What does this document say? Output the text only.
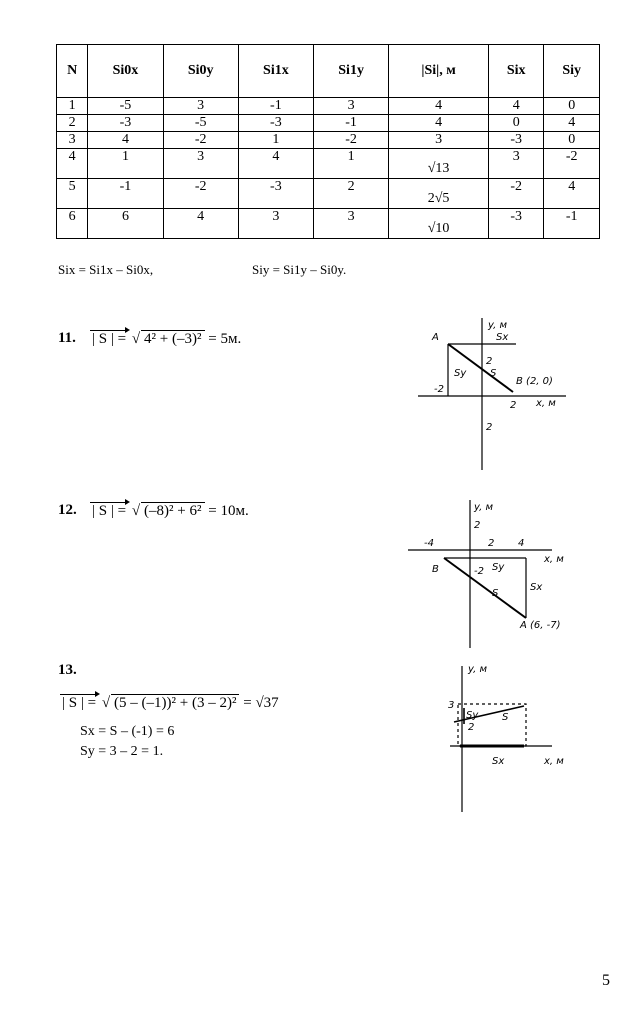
N	Si0x	Si0y	Si1x	Si1y	|Si|, м	Six	Siy
1	-5	3	-1	3	4	4	0
2	-3	-5	-3	-1	4	0	4
3	4	-2	1	-2	3	-3	0
4	1	3	4	1	√13	3	-2
5	-1	-2	-3	2	2√5	-2	4
6	6	4	3	3	√10	-3	-1
Six = Si1x – Si0x,	Siy = Si1y – Si0y.
11. | S | = √ 4² + (–3)² = 5м.	A
B (2, 0)
2
-2
2
2
Sx
Sy S
y, м
x, м
12. | S | = √ (–8)² + 6² = 10м.
-4	2 4
2
-2
B
A (6, -7)
Sx
Sy
S
y, м
x, м
13.
| S | = √ (5 – (–1))² + (3 – 2)² = √37
Sx = S – (-1) = 6
Sy = 3 – 2 = 1.
3
2
Sy S
Sx
y, м
x, м
5
